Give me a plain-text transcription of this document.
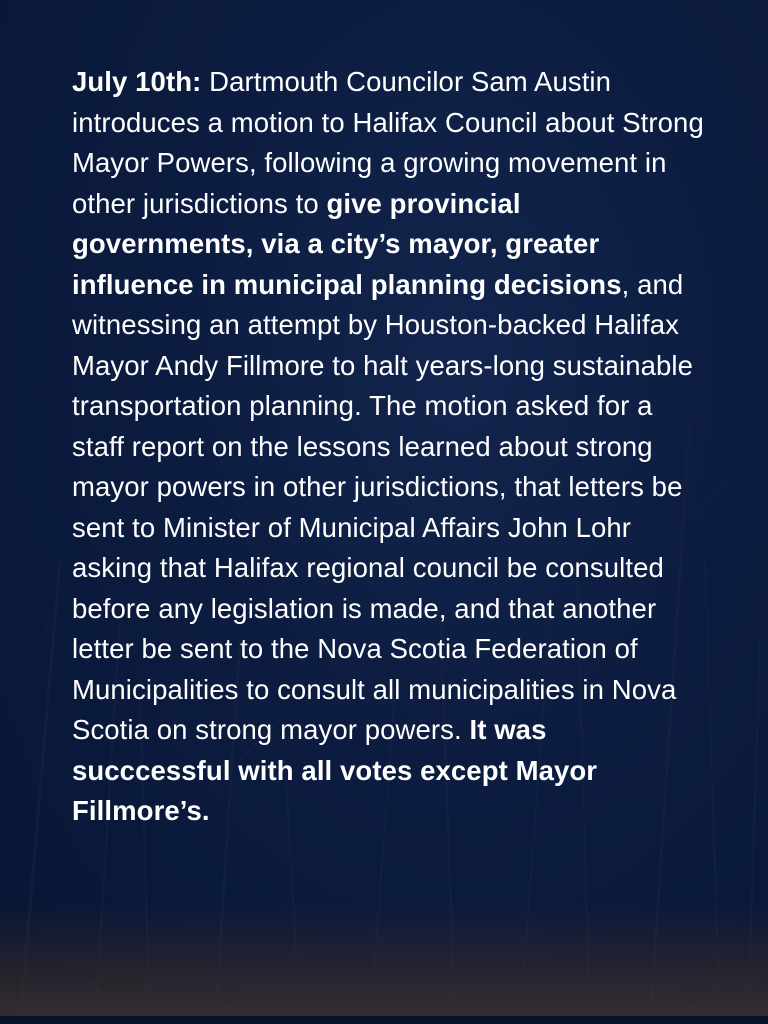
July 10th: Dartmouth Councilor Sam Austin introduces a motion to Halifax Council about Strong Mayor Powers, following a growing movement in other jurisdictions to give provincial governments, via a city’s mayor, greater influence in municipal planning decisions, and witnessing an attempt by Houston-backed Halifax Mayor Andy Fillmore to halt years-long sustainable transportation planning. The motion asked for a staff report on the lessons learned about strong mayor powers in other jurisdictions, that letters be sent to Minister of Municipal Affairs John Lohr asking that Halifax regional council be consulted before any legislation is made, and that another letter be sent to the Nova Scotia Federation of Municipalities to consult all municipalities in Nova Scotia on strong mayor powers. It was succcessful with all votes except Mayor Fillmore’s.
